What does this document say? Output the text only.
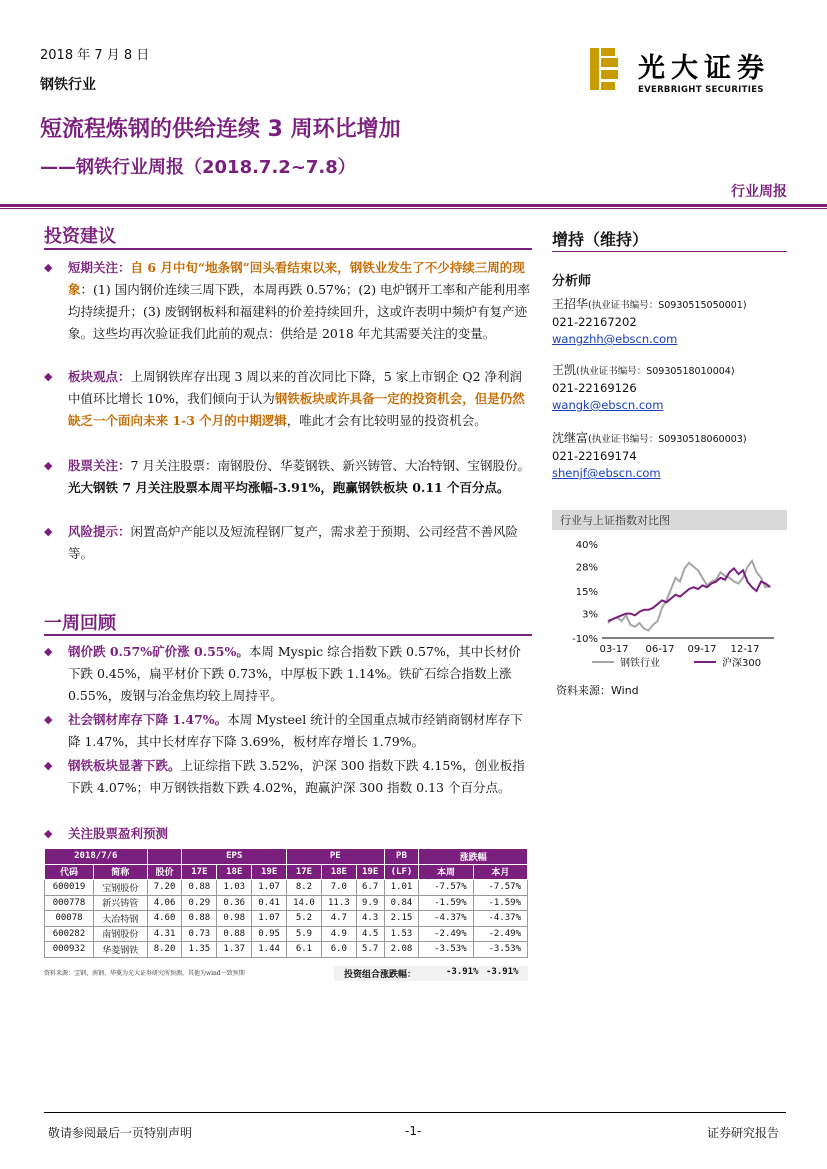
2018 年 7 月 8 日
钢铁行业
短流程炼钢的供给连续 3 周环比增加
——钢铁行业周报（2018.7.2~7.8）
行业周报
光大证券
EVERBRIGHT SECURITIES
投资建议
◆	短期关注：自 6 月中旬“地条钢”回头看结束以来，钢铁业发生了不少持续三周的现象：(1) 国内钢价连续三周下跌，本周再跌 0.57%；(2) 电炉钢开工率和产能利用率均持续提升；(3) 废钢钢板料和福建料的价差持续回升，这或许表明中频炉有复产迹象。这些均再次验证我们此前的观点：供给是 2018 年尤其需要关注的变量。
◆	板块观点：上周钢铁库存出现 3 周以来的首次同比下降，5 家上市钢企 Q2 净利润中值环比增长 10%，我们倾向于认为钢铁板块或许具备一定的投资机会，但是仍然缺乏一个面向未来 1-3 个月的中期逻辑，唯此才会有比较明显的投资机会。
◆	股票关注：7 月关注股票：南钢股份、华菱钢铁、新兴铸管、大冶特钢、宝钢股份。光大钢铁 7 月关注股票本周平均涨幅-3.91%，跑赢钢铁板块 0.11 个百分点。
◆	风险提示：闲置高炉产能以及短流程钢厂复产，需求差于预期、公司经营不善风险等。
一周回顾
◆	钢价跌 0.57%矿价涨 0.55%。本周 Myspic 综合指数下跌 0.57%，其中长材价下跌 0.45%，扁平材价下跌 0.73%，中厚板下跌 1.14%。铁矿石综合指数上涨 0.55%，废钢与冶金焦均较上周持平。
◆	社会钢材库存下降 1.47%。本周 Mysteel 统计的全国重点城市经销商钢材库存下降 1.47%，其中长材库存下降 3.69%，板材库存增长 1.79%。
◆	钢铁板块显著下跌。上证综指下跌 3.52%，沪深 300 指数下跌 4.15%，创业板指下跌 4.07%；申万钢铁指数下跌 4.02%，跑赢沪深 300 指数 0.13 个百分点。
◆	关注股票盈利预测
2018/7/6			EPS			PE			PB	涨跌幅	
代码	简称	股价	17E	18E	19E	17E	18E	19E	(LF)	本周	本月
600019	宝钢股份	7.20	0.88	1.03	1.07	8.2	7.0	6.7	1.01	-7.57%	-7.57%
000778	新兴铸管	4.06	0.29	0.36	0.41	14.0	11.3	9.9	0.84	-1.59%	-1.59%
00078	大冶特钢	4.60	0.88	0.98	1.07	5.2	4.7	4.3	2.15	-4.37%	-4.37%
600282	南钢股份	4.31	0.73	0.88	0.95	5.9	4.9	4.5	1.53	-2.49%	-2.49%
000932	华菱钢铁	8.20	1.35	1.37	1.44	6.1	6.0	5.7	2.08	-3.53%	-3.53%
资料来源：宝钢、南钢、华菱为光大证券研究所预测，其他为wind一致预期	投资组合涨跌幅：	-3.91% -3.91%
增持（维持）
分析师
王招华(执业证书编号：S0930515050001)
021-22167202
wangzhh@ebscn.com
王凯(执业证书编号：S0930518010004)
021-22169126
wangk@ebscn.com
沈继富(执业证书编号：S0930518060003)
021-22169174
shenjf@ebscn.com
行业与上证指数对比图
40%
28%
15%
3%
-10%
03-17 06-17 09-17 12-17
钢铁行业	沪深300
资料来源：Wind
敬请参阅最后一页特别声明	-1-	证券研究报告
